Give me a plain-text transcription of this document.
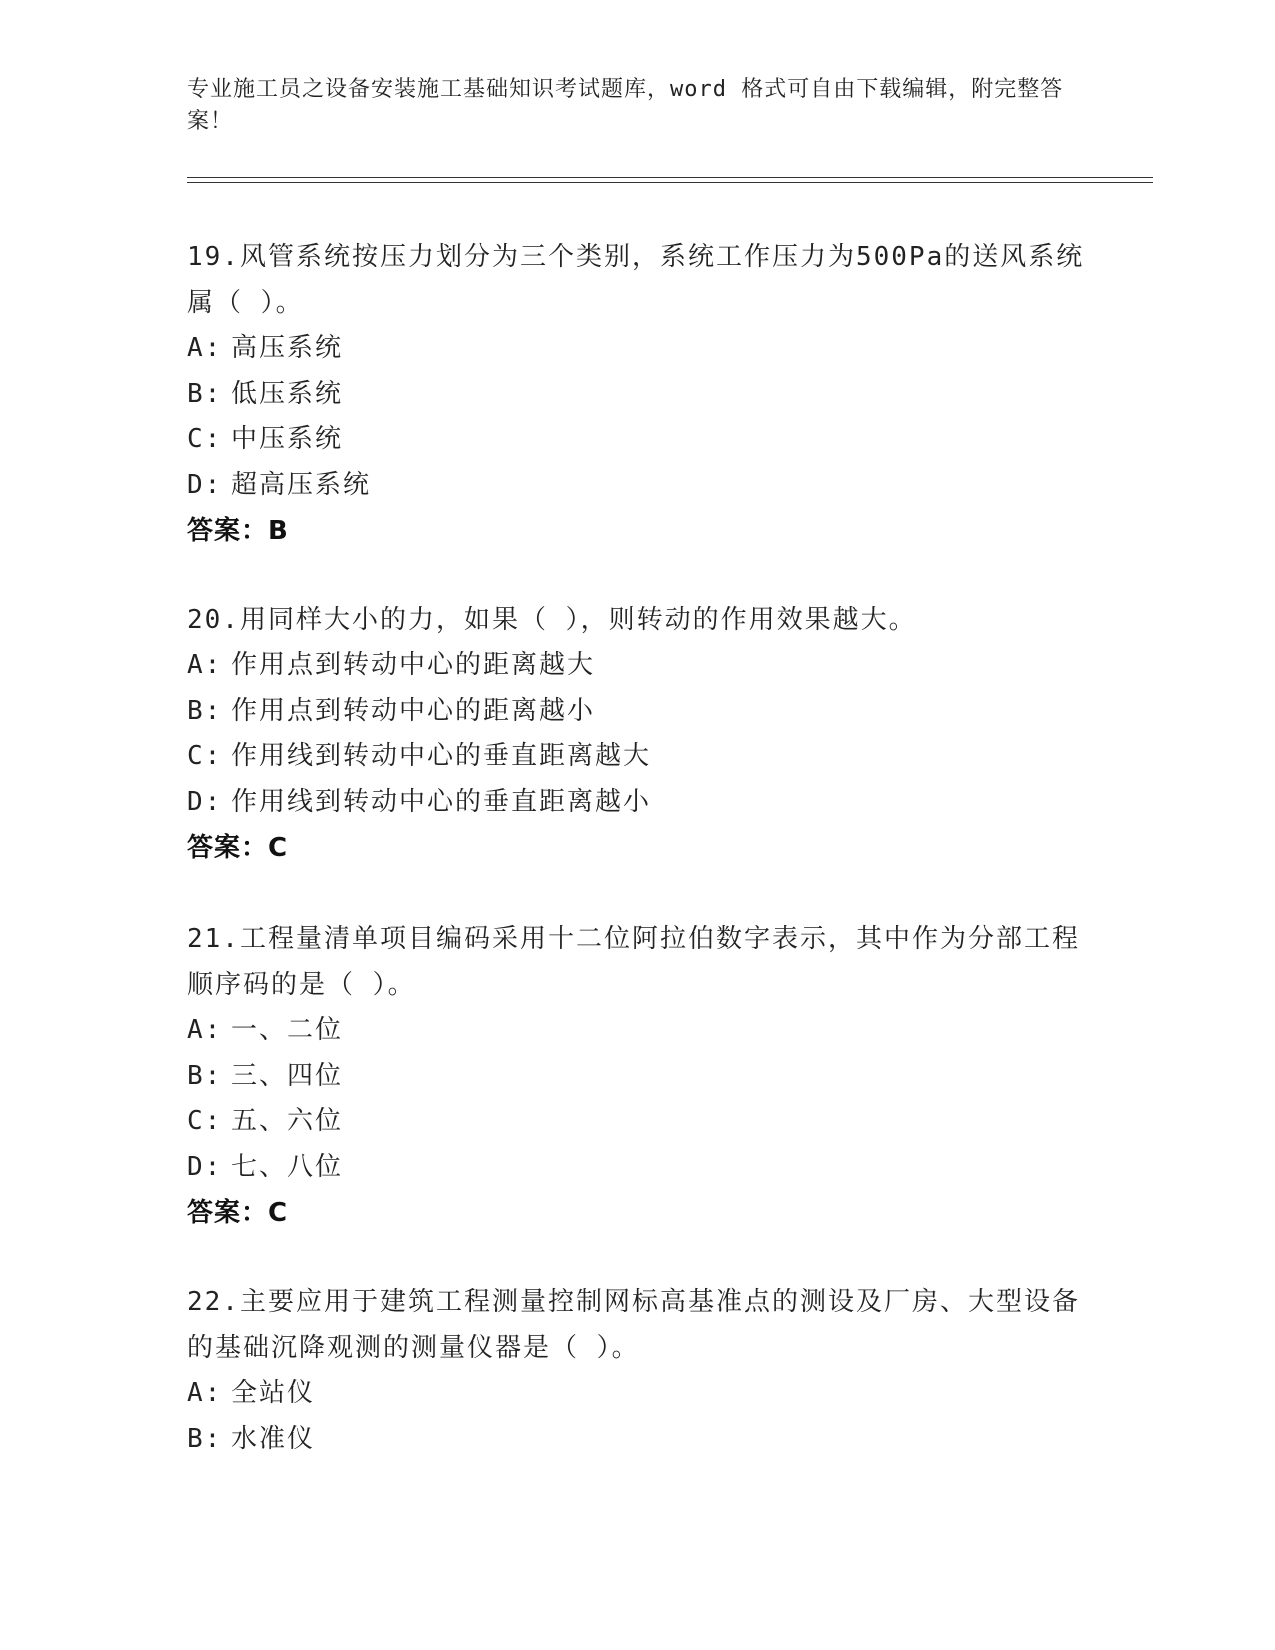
专业施工员之设备安装施工基础知识考试题库，word 格式可自由下载编辑，附完整答案！
19.风管系统按压力划分为三个类别，系统工作压力为500Pa的送风系统属（ ）。
A: 高压系统
B: 低压系统
C: 中压系统
D: 超高压系统
答案：B
20.用同样大小的力，如果（ ），则转动的作用效果越大。
A: 作用点到转动中心的距离越大
B: 作用点到转动中心的距离越小
C: 作用线到转动中心的垂直距离越大
D: 作用线到转动中心的垂直距离越小
答案：C
21.工程量清单项目编码采用十二位阿拉伯数字表示，其中作为分部工程顺序码的是（ ）。
A: 一、二位
B: 三、四位
C: 五、六位
D: 七、八位
答案：C
22.主要应用于建筑工程测量控制网标高基准点的测设及厂房、大型设备的基础沉降观测的测量仪器是（ ）。
A: 全站仪
B: 水准仪
